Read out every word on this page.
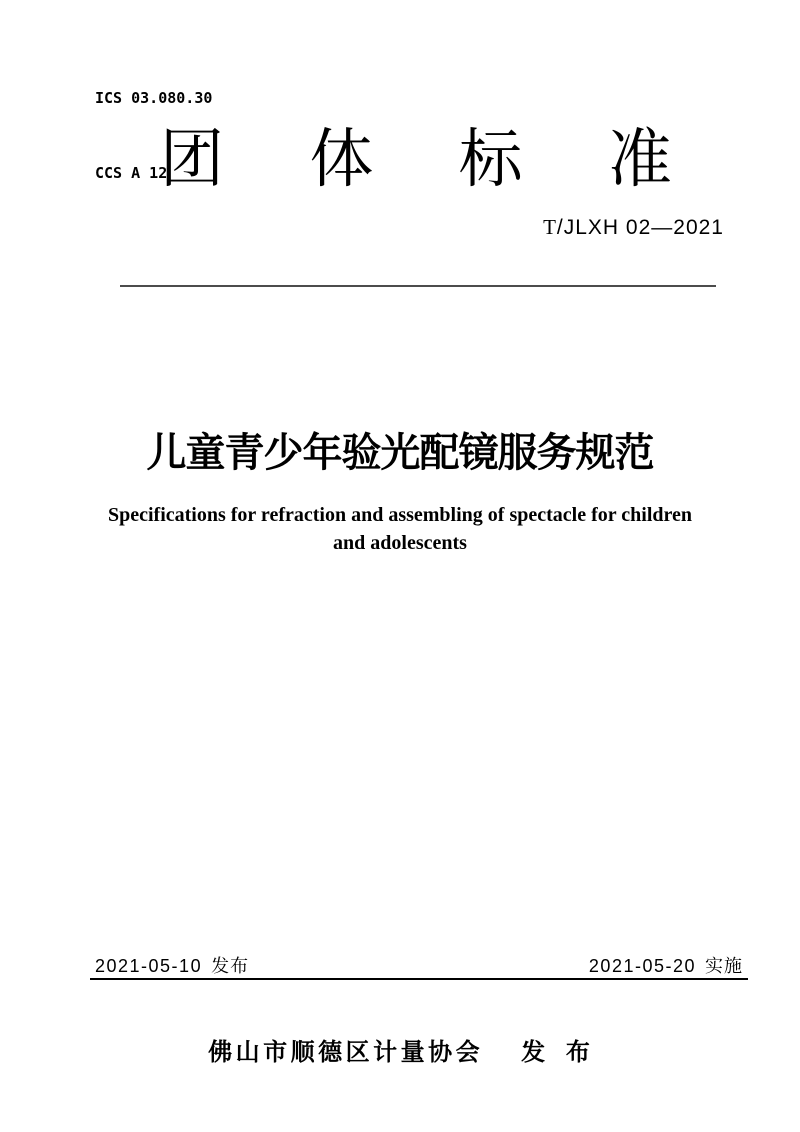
ICS 03.080.30

CCS A 12

团 体 标 准
T/JLXH 02—2021
儿童青少年验光配镜服务规范
Specifications for refraction and assembling of spectacle for children
and adolescents
2021-05-10 发布	2021-05-20 实施
佛山市顺德区计量协会 发 布
